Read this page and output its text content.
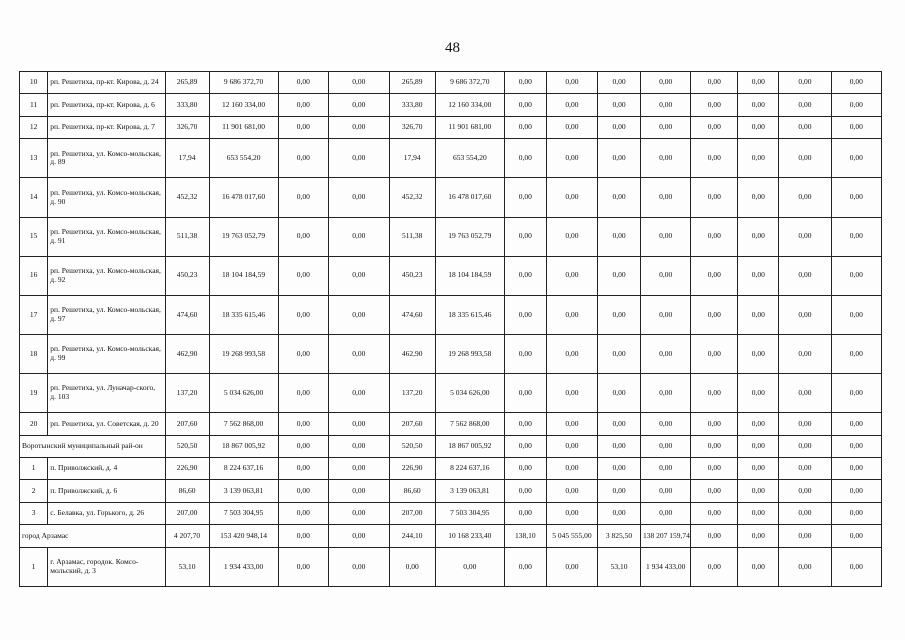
48
10	рп. Решетиха, пр-кт. Кирова, д. 24	265,89	9 686 372,70	0,00	0,00	265,89	9 686 372,70	0,00	0,00	0,00	0,00	0,00	0,00	0,00	0,00
11	рп. Решетиха, пр-кт. Кирова, д. 6	333,80	12 160 334,00	0,00	0,00	333,80	12 160 334,00	0,00	0,00	0,00	0,00	0,00	0,00	0,00	0,00
12	рп. Решетиха, пр-кт. Кирова, д. 7	326,70	11 901 681,00	0,00	0,00	326,70	11 901 681,00	0,00	0,00	0,00	0,00	0,00	0,00	0,00	0,00
13	рп. Решетиха, ул. Комсо-мольская, д. 89	17,94	653 554,20	0,00	0,00	17,94	653 554,20	0,00	0,00	0,00	0,00	0,00	0,00	0,00	0,00
14	рп. Решетиха, ул. Комсо-мольская, д. 90	452,32	16 478 017,60	0,00	0,00	452,32	16 478 017,60	0,00	0,00	0,00	0,00	0,00	0,00	0,00	0,00
15	рп. Решетиха, ул. Комсо-мольская, д. 91	511,38	19 763 052,79	0,00	0,00	511,38	19 763 052,79	0,00	0,00	0,00	0,00	0,00	0,00	0,00	0,00
16	рп. Решетиха, ул. Комсо-мольская, д. 92	450,23	18 104 184,59	0,00	0,00	450,23	18 104 184,59	0,00	0,00	0,00	0,00	0,00	0,00	0,00	0,00
17	рп. Решетиха, ул. Комсо-мольская, д. 97	474,60	18 335 615,46	0,00	0,00	474,60	18 335 615,46	0,00	0,00	0,00	0,00	0,00	0,00	0,00	0,00
18	рп. Решетиха, ул. Комсо-мольская, д. 99	462,90	19 268 993,58	0,00	0,00	462,90	19 268 993,58	0,00	0,00	0,00	0,00	0,00	0,00	0,00	0,00
19	рп. Решетиха, ул. Луначар-ского, д. 103	137,20	5 034 626,00	0,00	0,00	137,20	5 034 626,00	0,00	0,00	0,00	0,00	0,00	0,00	0,00	0,00
20	рп. Решетиха, ул. Советская, д. 20	207,60	7 562 868,00	0,00	0,00	207,60	7 562 868,00	0,00	0,00	0,00	0,00	0,00	0,00	0,00	0,00
Воротынский муниципальный рай-он		520,50	18 867 005,92	0,00	0,00	520,50	18 867 005,92	0,00	0,00	0,00	0,00	0,00	0,00	0,00	0,00
1	п. Приволжский, д. 4	226,90	8 224 637,16	0,00	0,00	226,90	8 224 637,16	0,00	0,00	0,00	0,00	0,00	0,00	0,00	0,00
2	п. Приволжский, д. 6	86,60	3 139 063,81	0,00	0,00	86,60	3 139 063,81	0,00	0,00	0,00	0,00	0,00	0,00	0,00	0,00
3	с. Белавка, ул. Горького, д. 26	207,00	7 503 304,95	0,00	0,00	207,00	7 503 304,95	0,00	0,00	0,00	0,00	0,00	0,00	0,00	0,00
город Арзамас		4 207,70	153 420 948,14	0,00	0,00	244,10	10 168 233,40	138,10	5 045 555,00	3 825,50	138 207 159,74	0,00	0,00	0,00	0,00
1	г. Арзамас, городок. Комсо-мольский, д. 3	53,10	1 934 433,00	0,00	0,00	0,00	0,00	0,00	0,00	53,10	1 934 433,00	0,00	0,00	0,00	0,00
